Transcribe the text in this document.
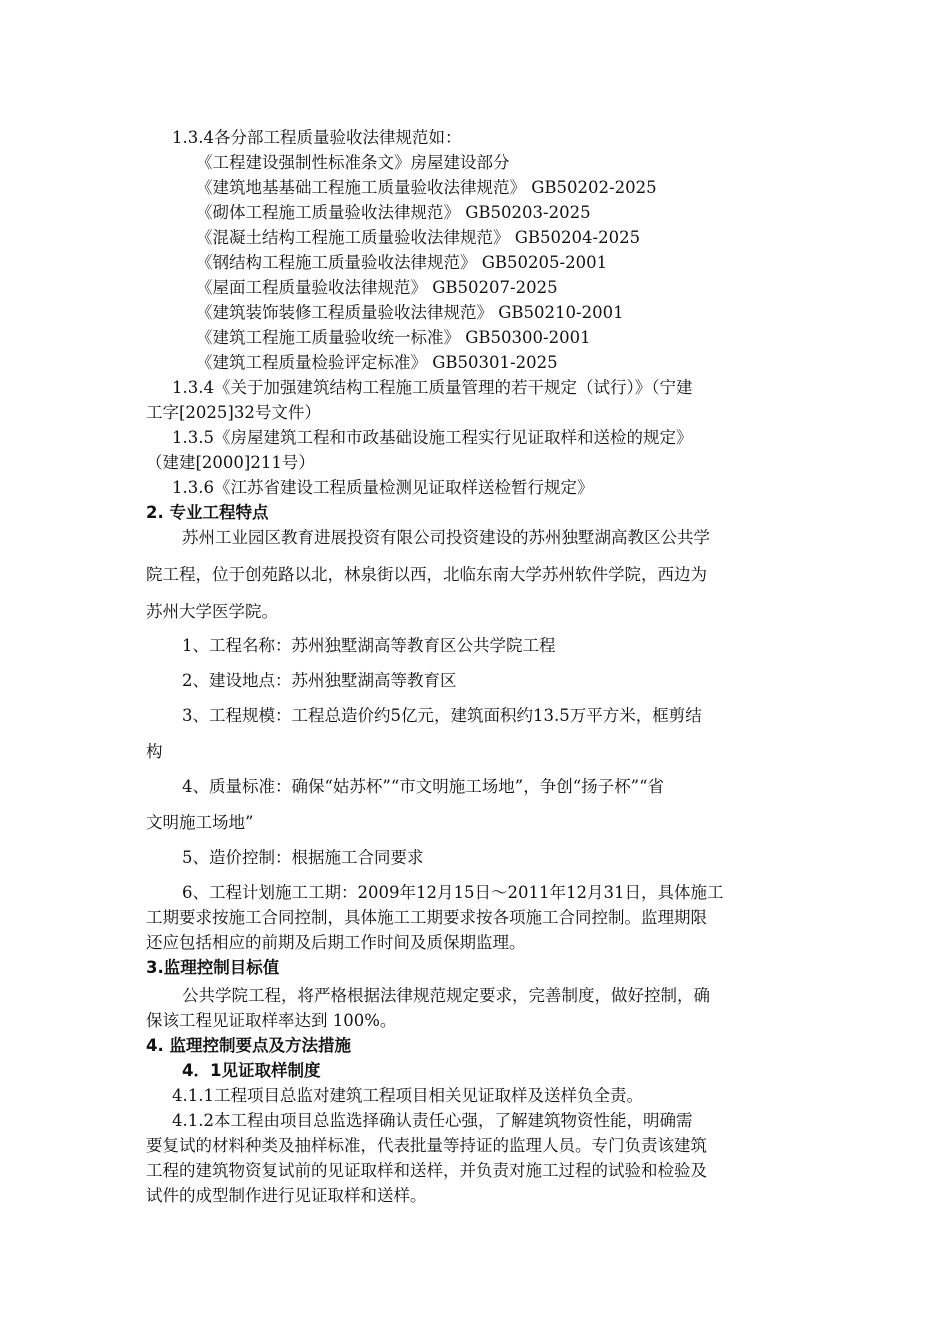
1.3.4各分部工程质量验收法律规范如：
《工程建设强制性标准条文》房屋建设部分
《建筑地基基础工程施工质量验收法律规范》 GB50202-2025
《砌体工程施工质量验收法律规范》 GB50203-2025
《混凝土结构工程施工质量验收法律规范》 GB50204-2025
《钢结构工程施工质量验收法律规范》 GB50205-2001
《屋面工程质量验收法律规范》 GB50207-2025
《建筑装饰装修工程质量验收法律规范》 GB50210-2001
《建筑工程施工质量验收统一标准》 GB50300-2001
《建筑工程质量检验评定标准》 GB50301-2025
1.3.4《关于加强建筑结构工程施工质量管理的若干规定（试行）》（宁建
工字[2025]32号文件）
1.3.5《房屋建筑工程和市政基础设施工程实行见证取样和送检的规定》
（建建[2000]211号）
1.3.6《江苏省建设工程质量检测见证取样送检暂行规定》
2. 专业工程特点
苏州工业园区教育进展投资有限公司投资建设的苏州独墅湖高教区公共学
院工程，位于创苑路以北，林泉街以西，北临东南大学苏州软件学院，西边为
苏州大学医学院。
1、工程名称：苏州独墅湖高等教育区公共学院工程
2、建设地点：苏州独墅湖高等教育区
3、工程规模：工程总造价约5亿元，建筑面积约13.5万平方米，框剪结
构
4、质量标准：确保“姑苏杯”“市文明施工场地”，争创“扬子杯”“省
文明施工场地”
5、造价控制：根据施工合同要求
6、工程计划施工工期：2009年12月15日～2011年12月31日，具体施工
工期要求按施工合同控制，具体施工工期要求按各项施工合同控制。监理期限
还应包括相应的前期及后期工作时间及质保期监理。
3.监理控制目标值
公共学院工程，将严格根据法律规范规定要求，完善制度，做好控制，确
保该工程见证取样率达到 100%。
4. 监理控制要点及方法措施
4．1见证取样制度
4.1.1工程项目总监对建筑工程项目相关见证取样及送样负全责。
4.1.2本工程由项目总监选择确认责任心强，了解建筑物资性能，明确需
要复试的材料种类及抽样标准，代表批量等持证的监理人员。专门负责该建筑
工程的建筑物资复试前的见证取样和送样，并负责对施工过程的试验和检验及
试件的成型制作进行见证取样和送样。
